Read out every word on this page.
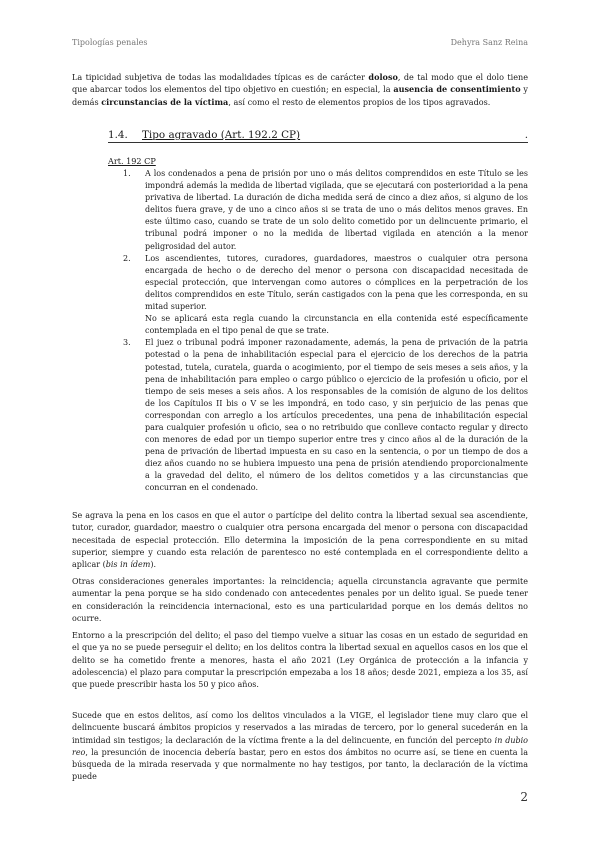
Tipologías penales	Dehyra Sanz Reina

La tipicidad subjetiva de todas las modalidades típicas es de carácter doloso, de tal modo que el dolo tiene que abarcar todos los elementos del tipo objetivo en cuestión; en especial, la ausencia de consentimiento y demás circunstancias de la víctima, así como el resto de elementos propios de los tipos agravados.

1.4. Tipo agravado (Art. 192.2 CP)	.
Art. 192 CP
1. A los condenados a pena de prisión por uno o más delitos comprendidos en este Título se les impondrá además la medida de libertad vigilada, que se ejecutará con posterioridad a la pena privativa de libertad. La duración de dicha medida será de cinco a diez años, si alguno de los delitos fuera grave, y de uno a cinco años si se trata de uno o más delitos menos graves. En este último caso, cuando se trate de un solo delito cometido por un delincuente primario, el tribunal podrá imponer o no la medida de libertad vigilada en atención a la menor peligrosidad del autor.
2. Los ascendientes, tutores, curadores, guardadores, maestros o cualquier otra persona encargada de hecho o de derecho del menor o persona con discapacidad necesitada de especial protección, que intervengan como autores o cómplices en la perpetración de los delitos comprendidos en este Título, serán castigados con la pena que les corresponda, en su mitad superior.
No se aplicará esta regla cuando la circunstancia en ella contenida esté específicamente contemplada en el tipo penal de que se trate.
3. El juez o tribunal podrá imponer razonadamente, además, la pena de privación de la patria potestad o la pena de inhabilitación especial para el ejercicio de los derechos de la patria potestad, tutela, curatela, guarda o acogimiento, por el tiempo de seis meses a seis años, y la pena de inhabilitación para empleo o cargo público o ejercicio de la profesión u oficio, por el tiempo de seis meses a seis años. A los responsables de la comisión de alguno de los delitos de los Capítulos II bis o V se les impondrá, en todo caso, y sin perjuicio de las penas que correspondan con arreglo a los artículos precedentes, una pena de inhabilitación especial para cualquier profesión u oficio, sea o no retribuido que conlleve contacto regular y directo con menores de edad por un tiempo superior entre tres y cinco años al de la duración de la pena de privación de libertad impuesta en su caso en la sentencia, o por un tiempo de dos a diez años cuando no se hubiera impuesto una pena de prisión atendiendo proporcionalmente a la gravedad del delito, el número de los delitos cometidos y a las circunstancias que concurran en el condenado.

Se agrava la pena en los casos en que el autor o partícipe del delito contra la libertad sexual sea ascendiente, tutor, curador, guardador, maestro o cualquier otra persona encargada del menor o persona con discapacidad necesitada de especial protección. Ello determina la imposición de la pena correspondiente en su mitad superior, siempre y cuando esta relación de parentesco no esté contemplada en el correspondiente delito a aplicar (bis in ídem).

Otras consideraciones generales importantes: la reincidencia; aquella circunstancia agravante que permite aumentar la pena porque se ha sido condenado con antecedentes penales por un delito igual. Se puede tener en consideración la reincidencia internacional, esto es una particularidad porque en los demás delitos no ocurre.

Entorno a la prescripción del delito; el paso del tiempo vuelve a situar las cosas en un estado de seguridad en el que ya no se puede perseguir el delito; en los delitos contra la libertad sexual en aquellos casos en los que el delito se ha cometido frente a menores, hasta el año 2021 (Ley Orgánica de protección a la infancia y adolescencia) el plazo para computar la prescripción empezaba a los 18 años; desde 2021, empieza a los 35, así que puede prescribir hasta los 50 y pico años.

Sucede que en estos delitos, así como los delitos vinculados a la VIGE, el legislador tiene muy claro que el delincuente buscará ámbitos propicios y reservados a las miradas de tercero, por lo general sucederán en la intimidad sin testigos; la declaración de la víctima frente a la del delincuente, en función del percepto in dubio reo, la presunción de inocencia debería bastar, pero en estos dos ámbitos no ocurre así, se tiene en cuenta la búsqueda de la mirada reservada y que normalmente no hay testigos, por tanto, la declaración de la víctima puede

2
